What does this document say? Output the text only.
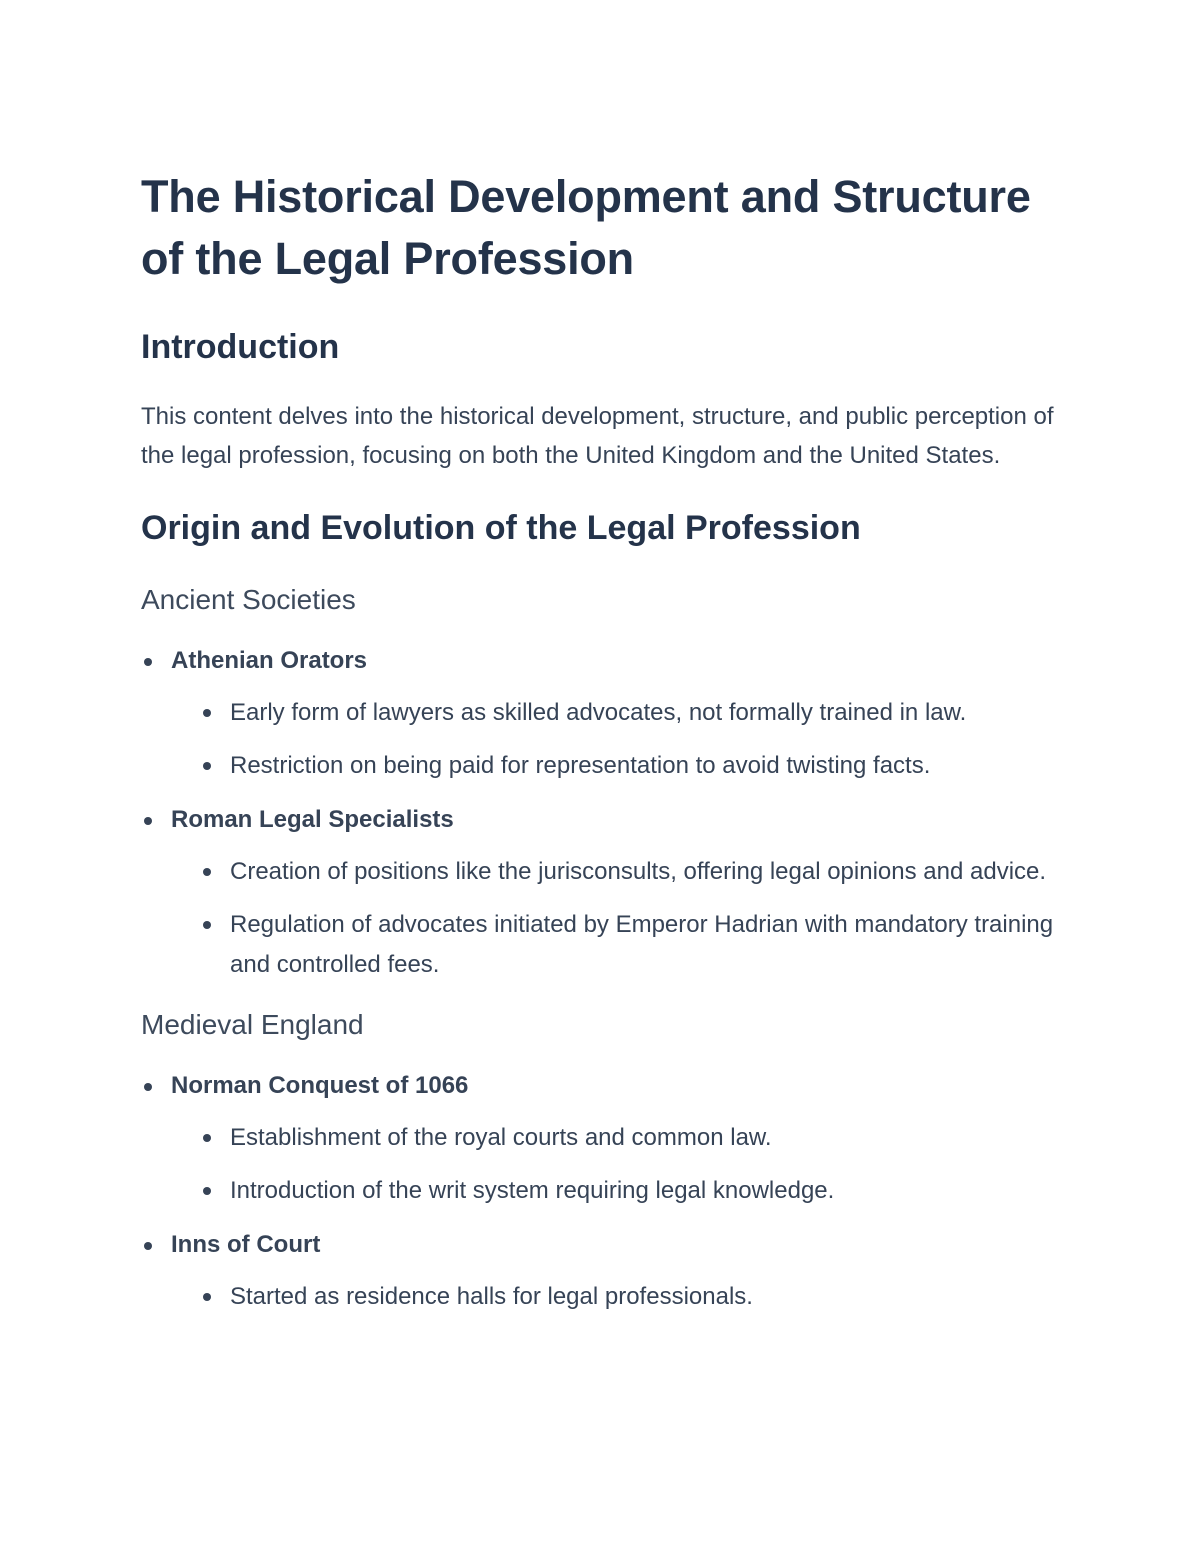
The Historical Development and Structure of the Legal Profession
Introduction

This content delves into the historical development, structure, and public perception of the legal profession, focusing on both the United Kingdom and the United States.

Origin and Evolution of the Legal Profession
Ancient Societies
Athenian Orators
Early form of lawyers as skilled advocates, not formally trained in law.
Restriction on being paid for representation to avoid twisting facts.
Roman Legal Specialists
Creation of positions like the jurisconsults, offering legal opinions and advice.
Regulation of advocates initiated by Emperor Hadrian with mandatory training and controlled fees.
Medieval England
Norman Conquest of 1066
Establishment of the royal courts and common law.
Introduction of the writ system requiring legal knowledge.
Inns of Court
Started as residence halls for legal professionals.
